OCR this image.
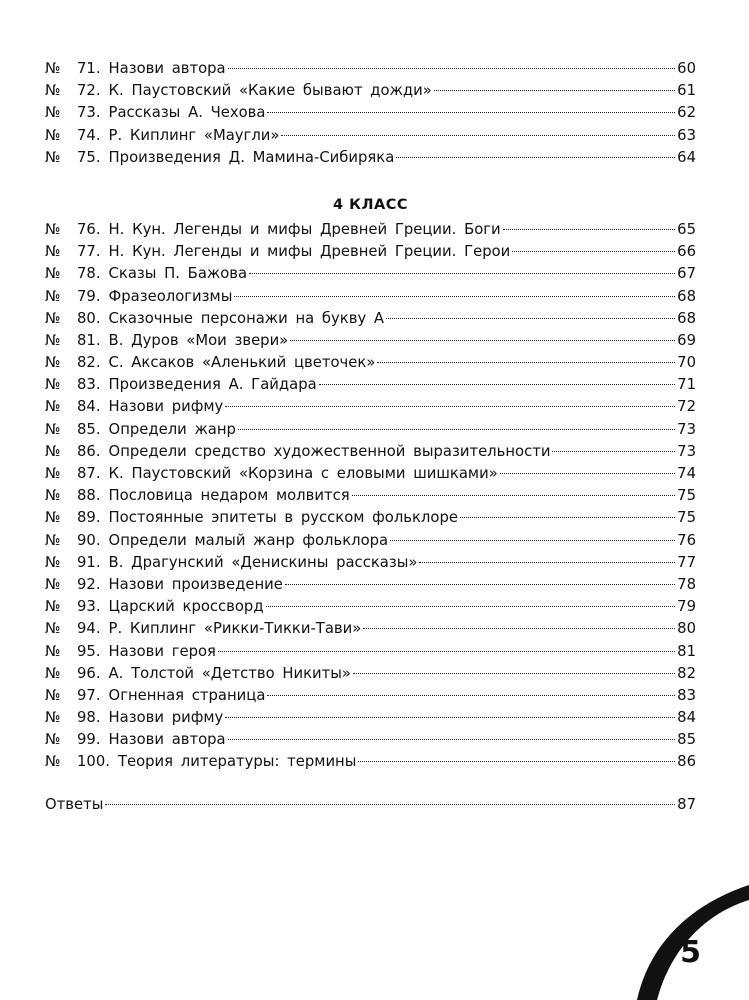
№	71. Назови автора	60
№	72. К. Паустовский «Какие бывают дожди»	61
№	73. Рассказы А. Чехова	62
№	74. Р. Киплинг «Маугли»	63
№	75. Произведения Д. Мамина-Сибиряка	64
4 КЛАСС
№	76. Н. Кун. Легенды и мифы Древней Греции. Боги	65
№	77. Н. Кун. Легенды и мифы Древней Греции. Герои	66
№	78. Сказы П. Бажова	67
№	79. Фразеологизмы	68
№	80. Сказочные персонажи на букву А	68
№	81. В. Дуров «Мои звери»	69
№	82. С. Аксаков «Аленький цветочек»	70
№	83. Произведения А. Гайдара	71
№	84. Назови рифму	72
№	85. Определи жанр	73
№	86. Определи средство художественной выразительности	73
№	87. К. Паустовский «Корзина с еловыми шишками»	74
№	88. Пословица недаром молвится	75
№	89. Постоянные эпитеты в русском фольклоре	75
№	90. Определи малый жанр фольклора	76
№	91. В. Драгунский «Денискины рассказы»	77
№	92. Назови произведение	78
№	93. Царский кроссворд	79
№	94. Р. Киплинг «Рикки-Тикки-Тави»	80
№	95. Назови героя	81
№	96. А. Толстой «Детство Никиты»	82
№	97. Огненная страница	83
№	98. Назови рифму	84
№	99. Назови автора	85
№	100. Теория литературы: термины	86
Ответы	87
5
